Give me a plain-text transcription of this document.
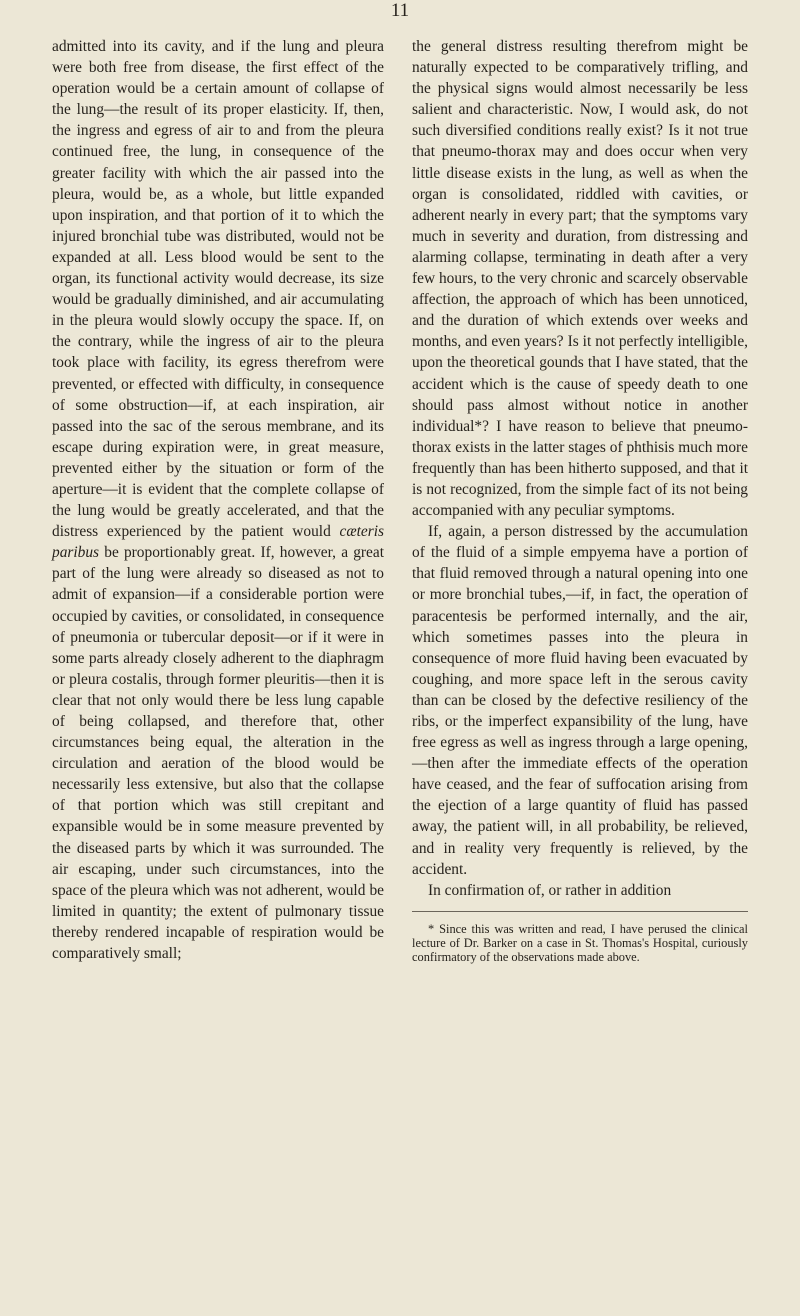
11

admitted into its cavity, and if the lung and pleura were both free from disease, the first effect of the operation would be a certain amount of collapse of the lung—the result of its proper elasticity. If, then, the ingress and egress of air to and from the pleura continued free, the lung, in consequence of the greater facility with which the air passed into the pleura, would be, as a whole, but little expanded upon inspiration, and that portion of it to which the injured bronchial tube was distributed, would not be expanded at all. Less blood would be sent to the organ, its functional activity would decrease, its size would be gradually diminished, and air accumulating in the pleura would slowly occupy the space. If, on the contrary, while the ingress of air to the pleura took place with facility, its egress therefrom were prevented, or effected with difficulty, in consequence of some obstruction—if, at each inspiration, air passed into the sac of the serous membrane, and its escape during expiration were, in great measure, prevented either by the situation or form of the aperture—it is evident that the complete collapse of the lung would be greatly accelerated, and that the distress experienced by the patient would cæteris paribus be proportionably great. If, however, a great part of the lung were already so diseased as not to admit of expansion—if a considerable portion were occupied by cavities, or consolidated, in consequence of pneumonia or tubercular deposit—or if it were in some parts already closely adherent to the diaphragm or pleura costalis, through former pleuritis—then it is clear that not only would there be less lung capable of being collapsed, and therefore that, other circumstances being equal, the alteration in the circulation and aeration of the blood would be necessarily less extensive, but also that the collapse of that portion which was still crepitant and expansible would be in some measure prevented by the diseased parts by which it was surrounded. The air escaping, under such circumstances, into the space of the pleura which was not adherent, would be limited in quantity; the extent of pulmonary tissue thereby rendered incapable of respiration would be comparatively small;

the general distress resulting therefrom might be naturally expected to be comparatively trifling, and the physical signs would almost necessarily be less salient and characteristic. Now, I would ask, do not such diversified conditions really exist? Is it not true that pneumo-thorax may and does occur when very little disease exists in the lung, as well as when the organ is consolidated, riddled with cavities, or adherent nearly in every part; that the symptoms vary much in severity and duration, from distressing and alarming collapse, terminating in death after a very few hours, to the very chronic and scarcely observable affection, the approach of which has been unnoticed, and the duration of which extends over weeks and months, and even years? Is it not perfectly intelligible, upon the theoretical gounds that I have stated, that the accident which is the cause of speedy death to one should pass almost without notice in another individual*? I have reason to believe that pneumo-thorax exists in the latter stages of phthisis much more frequently than has been hitherto supposed, and that it is not recognized, from the simple fact of its not being accompanied with any peculiar symptoms.

If, again, a person distressed by the accumulation of the fluid of a simple empyema have a portion of that fluid removed through a natural opening into one or more bronchial tubes,—if, in fact, the operation of paracentesis be performed internally, and the air, which sometimes passes into the pleura in consequence of more fluid having been evacuated by coughing, and more space left in the serous cavity than can be closed by the defective resiliency of the ribs, or the imperfect expansibility of the lung, have free egress as well as ingress through a large opening,—then after the immediate effects of the operation have ceased, and the fear of suffocation arising from the ejection of a large quantity of fluid has passed away, the patient will, in all probability, be relieved, and in reality very frequently is relieved, by the accident.

In confirmation of, or rather in addition

* Since this was written and read, I have perused the clinical lecture of Dr. Barker on a case in St. Thomas's Hospital, curiously confirmatory of the observations made above.
